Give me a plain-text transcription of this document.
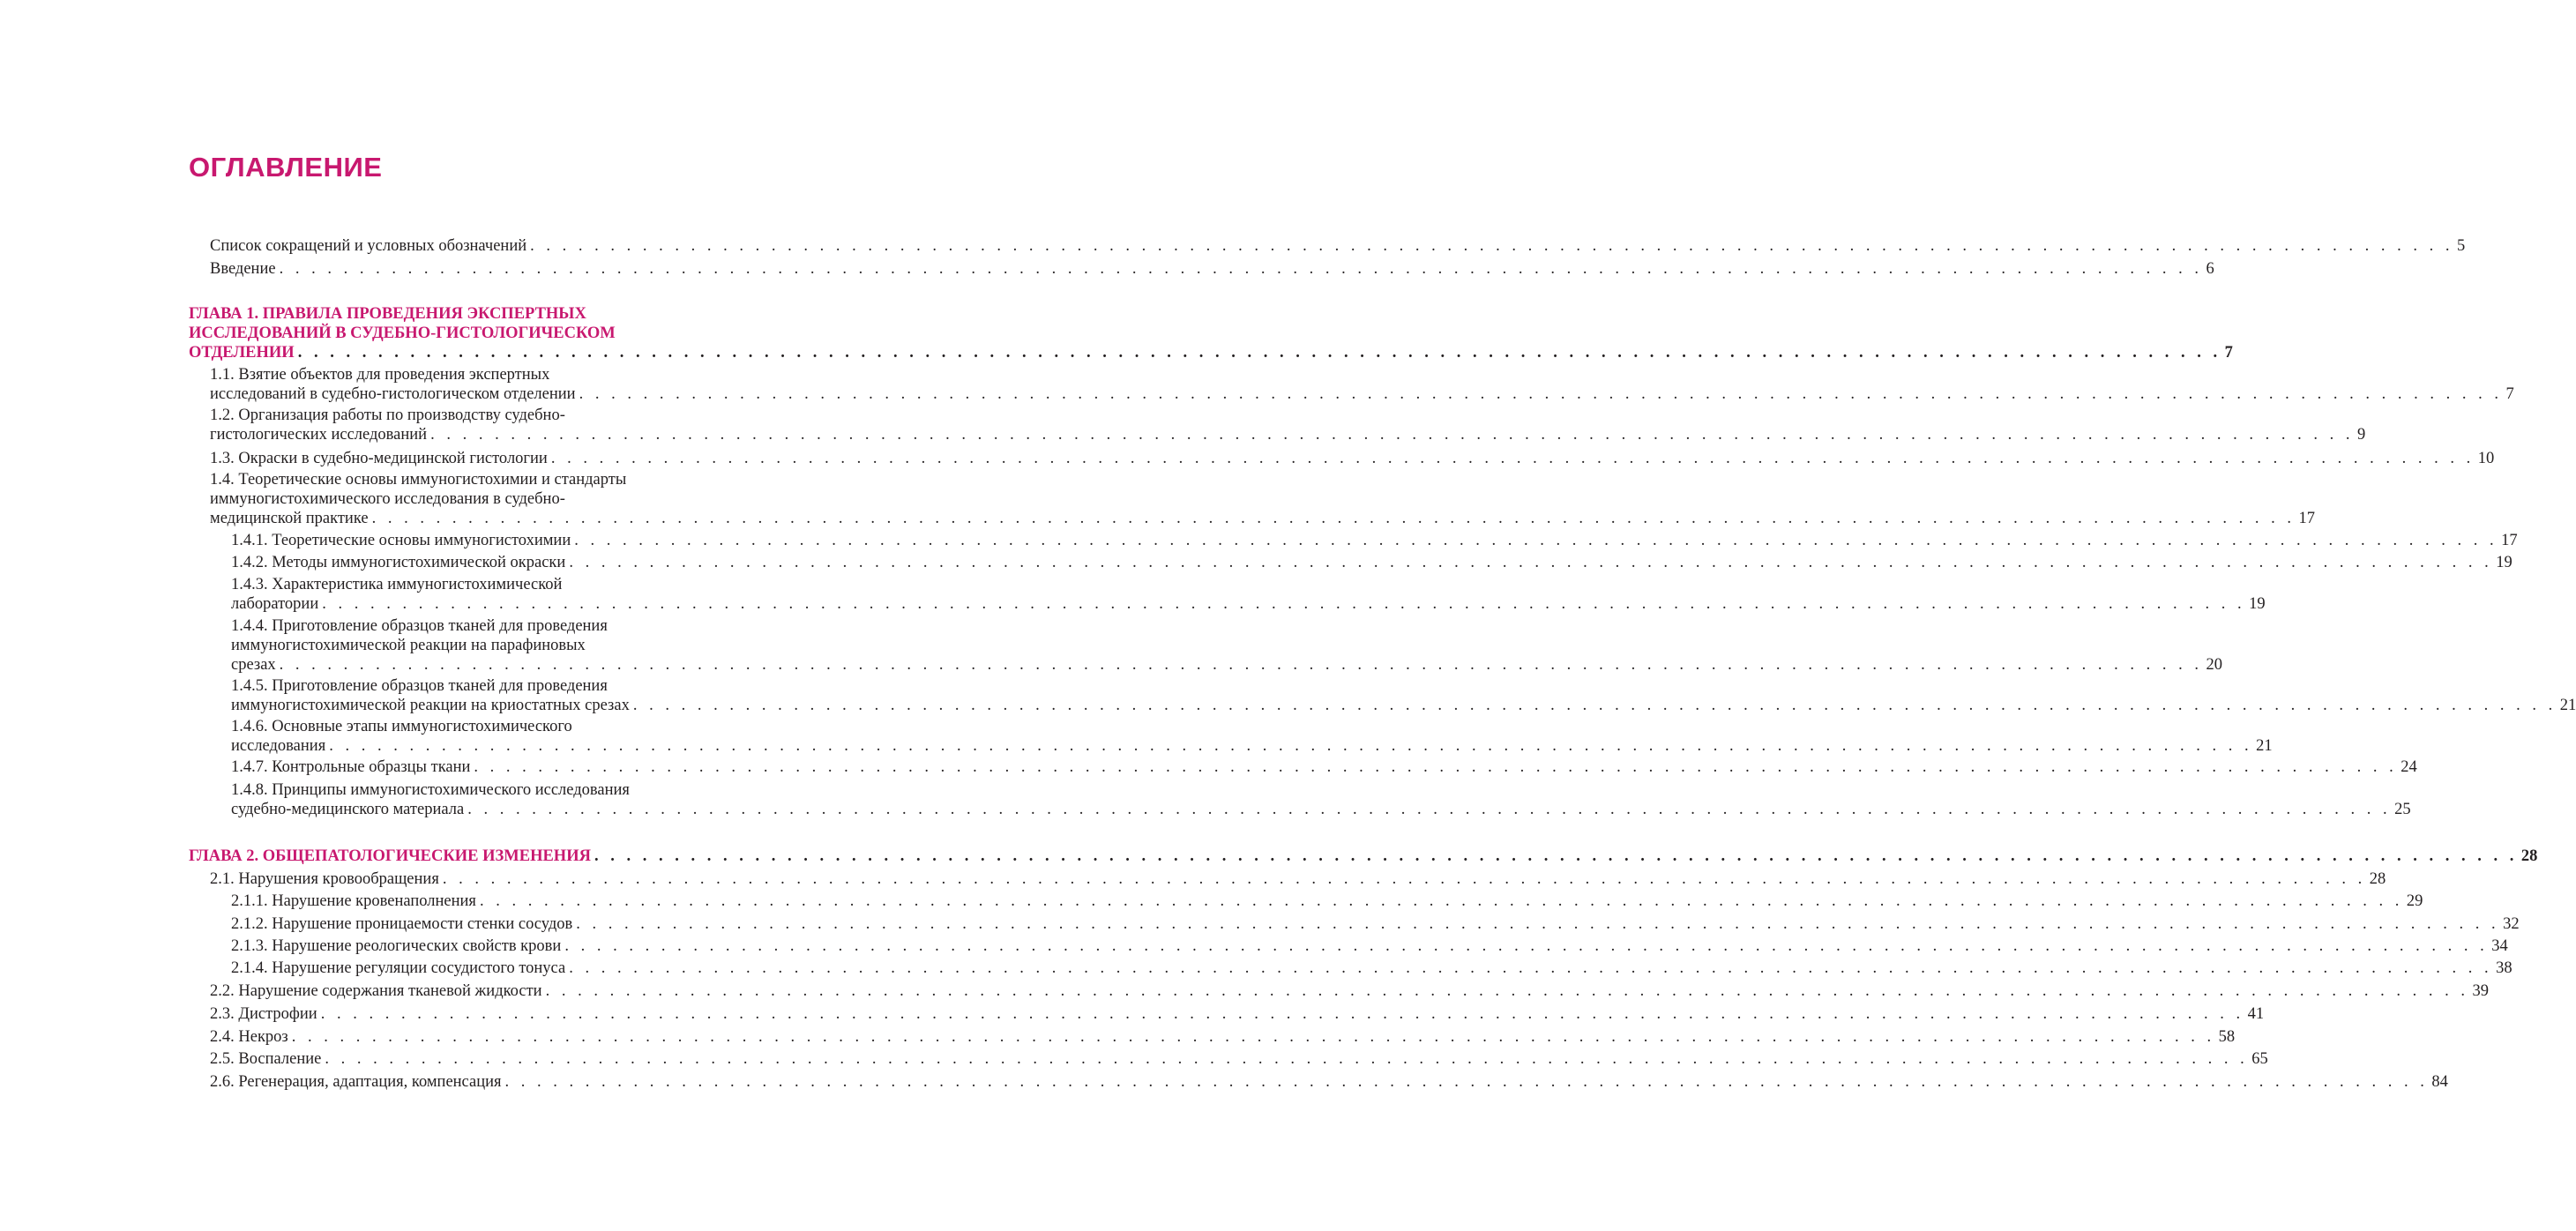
ОГЛАВЛЕНИЕ
Список сокращений и условных обозначений . . . . . . . . . . . . . . . . . . . . . . . . . . . . . . . . . . . . . . . . . . . . . . . . . . . . . . . . . . . . . . . . . . . . . . . . . . . . . . . . . . . . . . . . . . . . . . . . . . . . . . . . . . . . . . . . . . . . . . . . 5
Введение . . . . . . . . . . . . . . . . . . . . . . . . . . . . . . . . . . . . . . . . . . . . . . . . . . . . . . . . . . . . . . . . . . . . . . . . . . . . . . . . . . . . . . . . . . . . . . . . . . . . . . . . . . . . . . . . . . . . . . . . 6
ГЛАВА 1. ПРАВИЛА ПРОВЕДЕНИЯ ЭКСПЕРТНЫХ
ИССЛЕДОВАНИЙ В СУДЕБНО-ГИСТОЛОГИЧЕСКОМ
ОТДЕЛЕНИИ . . . . . . . . . . . . . . . . . . . . . . . . . . . . . . . . . . . . . . . . . . . . . . . . . . . . . . . . . . . . . . . . . . . . . . . . . . . . . . . . . . . . . . . . . . . . . . . . . . . . . . . . . . . . . . . . . . . . . . . . 7
1.1. Взятие объектов для проведения экспертных
исследований в судебно-гистологическом отделении . . . . . . . . . . . . . . . . . . . . . . . . . . . . . . . . . . . . . . . . . . . . . . . . . . . . . . . . . . . . . . . . . . . . . . . . . . . . . . . . . . . . . . . . . . . . . . . . . . . . . . . . . . . . . . . . . . . . . . . . 7
1.2. Организация работы по производству судебно-
гистологических исследований . . . . . . . . . . . . . . . . . . . . . . . . . . . . . . . . . . . . . . . . . . . . . . . . . . . . . . . . . . . . . . . . . . . . . . . . . . . . . . . . . . . . . . . . . . . . . . . . . . . . . . . . . . . . . . . . . . . . . . . . 9
1.3. Окраски в судебно-медицинской гистологии . . . . . . . . . . . . . . . . . . . . . . . . . . . . . . . . . . . . . . . . . . . . . . . . . . . . . . . . . . . . . . . . . . . . . . . . . . . . . . . . . . . . . . . . . . . . . . . . . . . . . . . . . . . . . . . . . . . . . . . . 10
1.4. Теоретические основы иммуногистохимии и стандарты
иммуногистохимического исследования в судебно-
медицинской практике . . . . . . . . . . . . . . . . . . . . . . . . . . . . . . . . . . . . . . . . . . . . . . . . . . . . . . . . . . . . . . . . . . . . . . . . . . . . . . . . . . . . . . . . . . . . . . . . . . . . . . . . . . . . . . . . . . . . . . . . 17
1.4.1. Теоретические основы иммуногистохимии . . . . . . . . . . . . . . . . . . . . . . . . . . . . . . . . . . . . . . . . . . . . . . . . . . . . . . . . . . . . . . . . . . . . . . . . . . . . . . . . . . . . . . . . . . . . . . . . . . . . . . . . . . . . . . . . . . . . . . . . 17
1.4.2. Методы иммуногистохимической окраски . . . . . . . . . . . . . . . . . . . . . . . . . . . . . . . . . . . . . . . . . . . . . . . . . . . . . . . . . . . . . . . . . . . . . . . . . . . . . . . . . . . . . . . . . . . . . . . . . . . . . . . . . . . . . . . . . . . . . . . . 19
1.4.3. Характеристика иммуногистохимической
лаборатории . . . . . . . . . . . . . . . . . . . . . . . . . . . . . . . . . . . . . . . . . . . . . . . . . . . . . . . . . . . . . . . . . . . . . . . . . . . . . . . . . . . . . . . . . . . . . . . . . . . . . . . . . . . . . . . . . . . . . . . . 19
1.4.4. Приготовление образцов тканей для проведения
иммуногистохимической реакции на парафиновых
срезах . . . . . . . . . . . . . . . . . . . . . . . . . . . . . . . . . . . . . . . . . . . . . . . . . . . . . . . . . . . . . . . . . . . . . . . . . . . . . . . . . . . . . . . . . . . . . . . . . . . . . . . . . . . . . . . . . . . . . . . . 20
1.4.5. Приготовление образцов тканей для проведения
иммуногистохимической реакции на криостатных срезах . . . . . . . . . . . . . . . . . . . . . . . . . . . . . . . . . . . . . . . . . . . . . . . . . . . . . . . . . . . . . . . . . . . . . . . . . . . . . . . . . . . . . . . . . . . . . . . . . . . . . . . . . . . . . . . . . . . . . . . . 21
1.4.6. Основные этапы иммуногистохимического
исследования . . . . . . . . . . . . . . . . . . . . . . . . . . . . . . . . . . . . . . . . . . . . . . . . . . . . . . . . . . . . . . . . . . . . . . . . . . . . . . . . . . . . . . . . . . . . . . . . . . . . . . . . . . . . . . . . . . . . . . . . 21
1.4.7. Контрольные образцы ткани . . . . . . . . . . . . . . . . . . . . . . . . . . . . . . . . . . . . . . . . . . . . . . . . . . . . . . . . . . . . . . . . . . . . . . . . . . . . . . . . . . . . . . . . . . . . . . . . . . . . . . . . . . . . . . . . . . . . . . . . 24
1.4.8. Принципы иммуногистохимического исследования
судебно-медицинского материала . . . . . . . . . . . . . . . . . . . . . . . . . . . . . . . . . . . . . . . . . . . . . . . . . . . . . . . . . . . . . . . . . . . . . . . . . . . . . . . . . . . . . . . . . . . . . . . . . . . . . . . . . . . . . . . . . . . . . . . . 25
ГЛАВА 2. ОБЩЕПАТОЛОГИЧЕСКИЕ ИЗМЕНЕНИЯ . . . . . . . . . . . . . . . . . . . . . . . . . . . . . . . . . . . . . . . . . . . . . . . . . . . . . . . . . . . . . . . . . . . . . . . . . . . . . . . . . . . . . . . . . . . . . . . . . . . . . . . . . . . . . . . . . . . . . . . . 28
2.1. Нарушения кровообращения . . . . . . . . . . . . . . . . . . . . . . . . . . . . . . . . . . . . . . . . . . . . . . . . . . . . . . . . . . . . . . . . . . . . . . . . . . . . . . . . . . . . . . . . . . . . . . . . . . . . . . . . . . . . . . . . . . . . . . . . 28
2.1.1. Нарушение кровенаполнения . . . . . . . . . . . . . . . . . . . . . . . . . . . . . . . . . . . . . . . . . . . . . . . . . . . . . . . . . . . . . . . . . . . . . . . . . . . . . . . . . . . . . . . . . . . . . . . . . . . . . . . . . . . . . . . . . . . . . . . . 29
2.1.2. Нарушение проницаемости стенки сосудов . . . . . . . . . . . . . . . . . . . . . . . . . . . . . . . . . . . . . . . . . . . . . . . . . . . . . . . . . . . . . . . . . . . . . . . . . . . . . . . . . . . . . . . . . . . . . . . . . . . . . . . . . . . . . . . . . . . . . . . . 32
2.1.3. Нарушение реологических свойств крови . . . . . . . . . . . . . . . . . . . . . . . . . . . . . . . . . . . . . . . . . . . . . . . . . . . . . . . . . . . . . . . . . . . . . . . . . . . . . . . . . . . . . . . . . . . . . . . . . . . . . . . . . . . . . . . . . . . . . . . . 34
2.1.4. Нарушение регуляции сосудистого тонуса . . . . . . . . . . . . . . . . . . . . . . . . . . . . . . . . . . . . . . . . . . . . . . . . . . . . . . . . . . . . . . . . . . . . . . . . . . . . . . . . . . . . . . . . . . . . . . . . . . . . . . . . . . . . . . . . . . . . . . . . 38
2.2. Нарушение содержания тканевой жидкости . . . . . . . . . . . . . . . . . . . . . . . . . . . . . . . . . . . . . . . . . . . . . . . . . . . . . . . . . . . . . . . . . . . . . . . . . . . . . . . . . . . . . . . . . . . . . . . . . . . . . . . . . . . . . . . . . . . . . . . . 39
2.3. Дистрофии . . . . . . . . . . . . . . . . . . . . . . . . . . . . . . . . . . . . . . . . . . . . . . . . . . . . . . . . . . . . . . . . . . . . . . . . . . . . . . . . . . . . . . . . . . . . . . . . . . . . . . . . . . . . . . . . . . . . . . . . 41
2.4. Некроз . . . . . . . . . . . . . . . . . . . . . . . . . . . . . . . . . . . . . . . . . . . . . . . . . . . . . . . . . . . . . . . . . . . . . . . . . . . . . . . . . . . . . . . . . . . . . . . . . . . . . . . . . . . . . . . . . . . . . . . . 58
2.5. Воспаление . . . . . . . . . . . . . . . . . . . . . . . . . . . . . . . . . . . . . . . . . . . . . . . . . . . . . . . . . . . . . . . . . . . . . . . . . . . . . . . . . . . . . . . . . . . . . . . . . . . . . . . . . . . . . . . . . . . . . . . . 65
2.6. Регенерация, адаптация, компенсация . . . . . . . . . . . . . . . . . . . . . . . . . . . . . . . . . . . . . . . . . . . . . . . . . . . . . . . . . . . . . . . . . . . . . . . . . . . . . . . . . . . . . . . . . . . . . . . . . . . . . . . . . . . . . . . . . . . . . . . . 84
